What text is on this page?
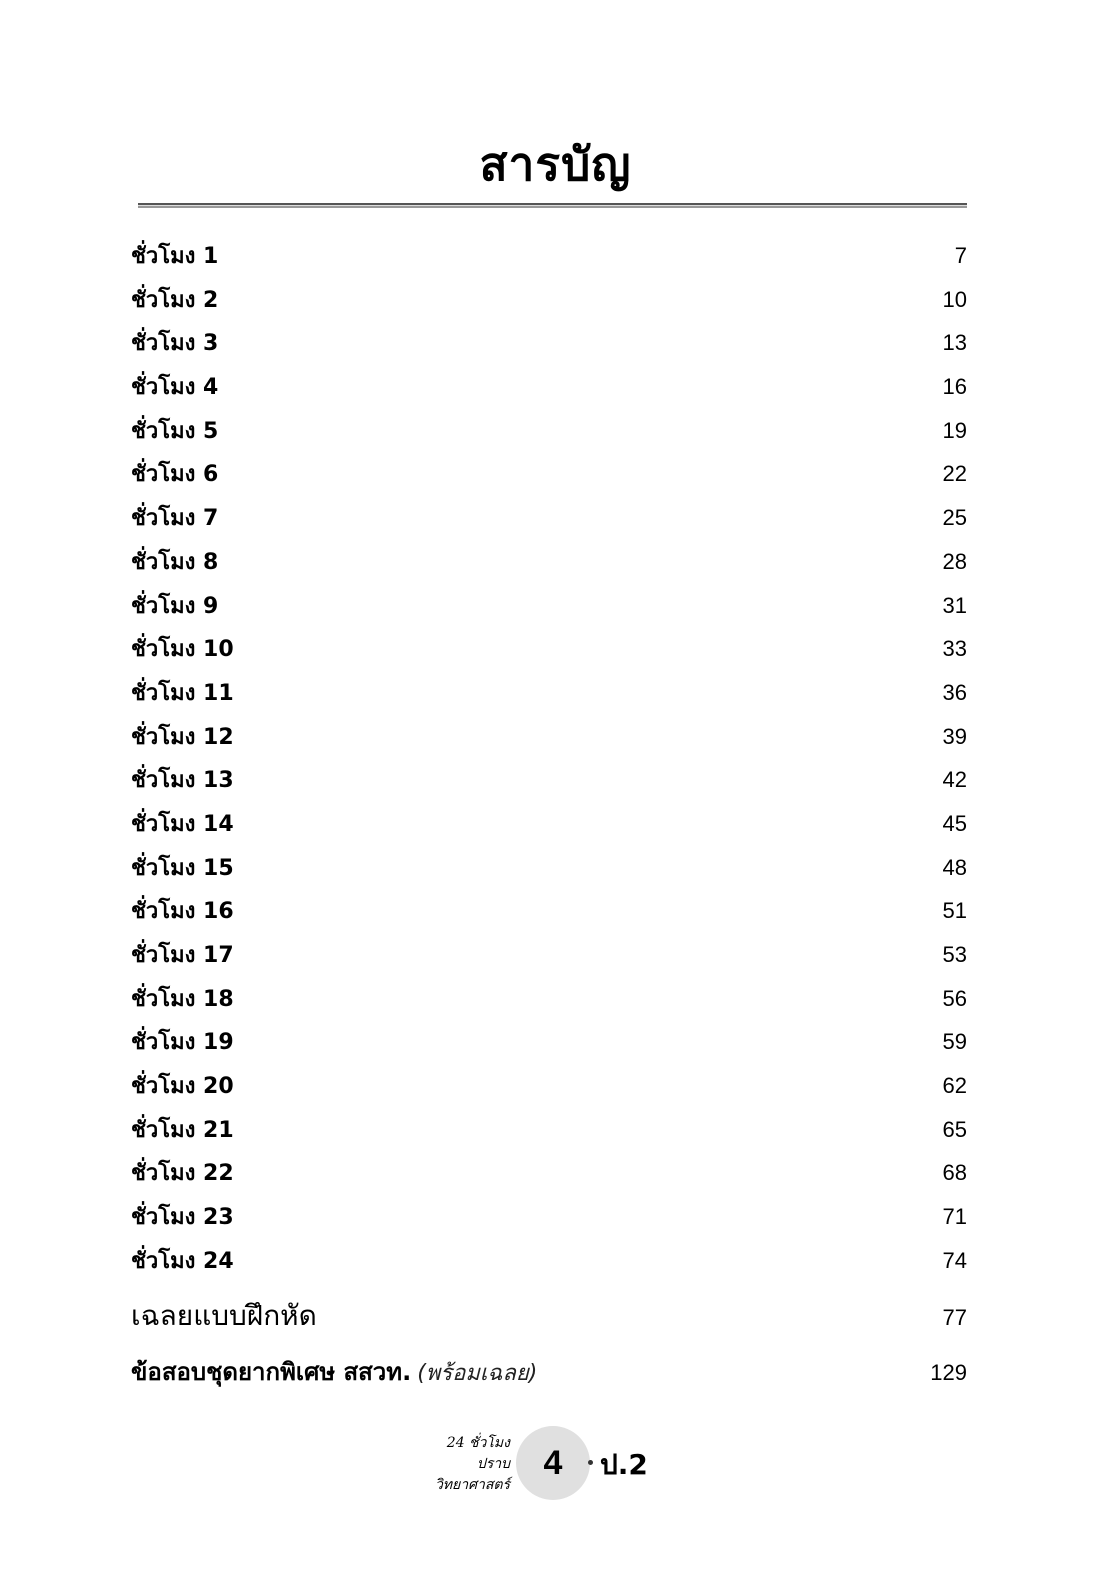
สารบัญ
ชั่วโมง 1	7
ชั่วโมง 2	10
ชั่วโมง 3	13
ชั่วโมง 4	16
ชั่วโมง 5	19
ชั่วโมง 6	22
ชั่วโมง 7	25
ชั่วโมง 8	28
ชั่วโมง 9	31
ชั่วโมง 10	33
ชั่วโมง 11	36
ชั่วโมง 12	39
ชั่วโมง 13	42
ชั่วโมง 14	45
ชั่วโมง 15	48
ชั่วโมง 16	51
ชั่วโมง 17	53
ชั่วโมง 18	56
ชั่วโมง 19	59
ชั่วโมง 20	62
ชั่วโมง 21	65
ชั่วโมง 22	68
ชั่วโมง 23	71
ชั่วโมง 24	74
เฉลยแบบฝึกหัด	77
ข้อสอบชุดยากพิเศษ สสวท. (พร้อมเฉลย)	129
24 ชั่วโมง
ปราบ
วิทยาศาสตร์
4 ป.2
